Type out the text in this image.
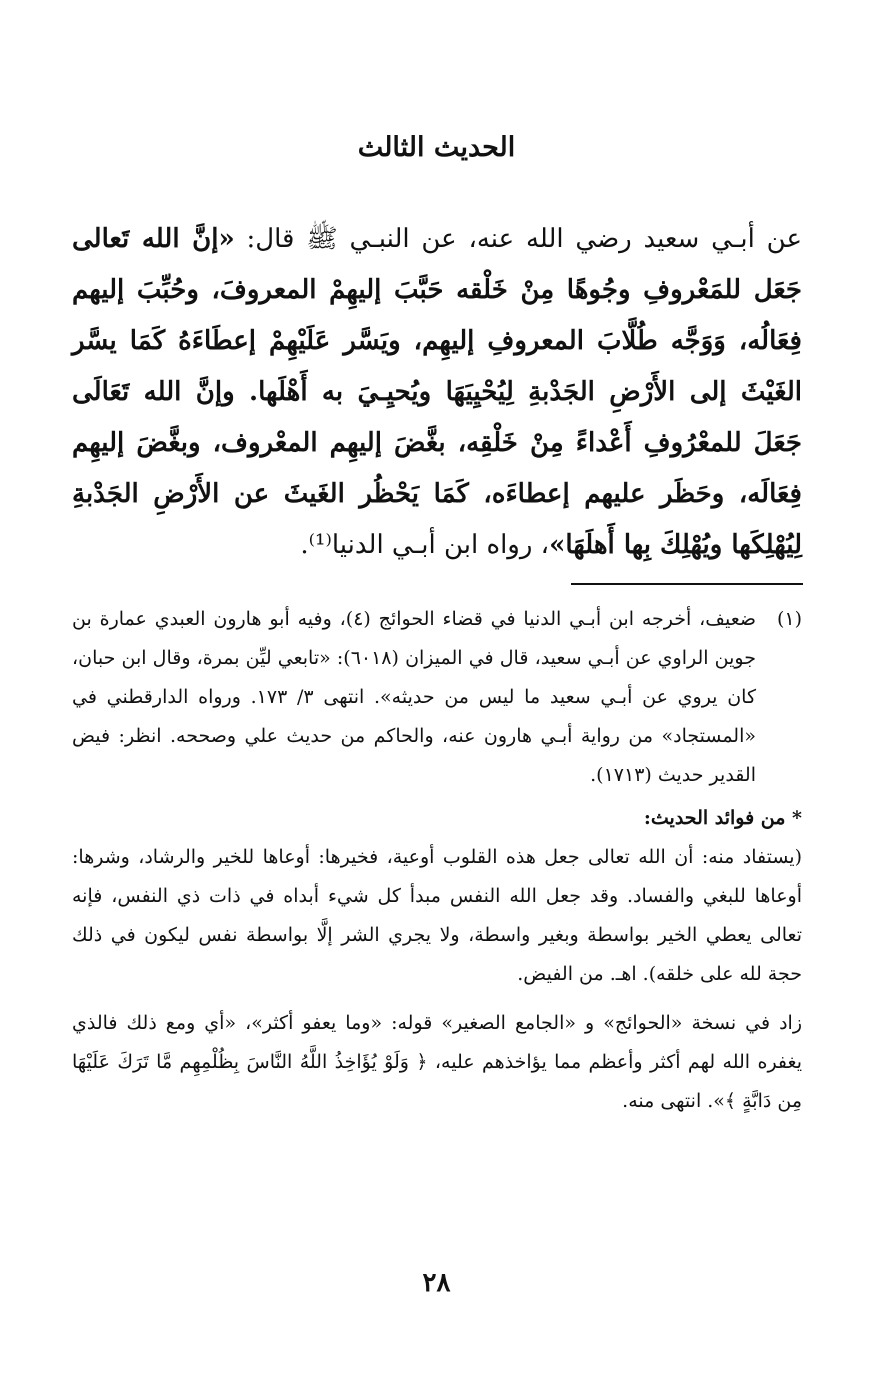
الحديث الثالث

عن أبـي سعيد رضي الله عنه، عن النبـي ﷺ قال: «إنَّ الله تَعالى جَعَل للمَعْروفِ وجُوهًا مِنْ خَلْقه حَبَّبَ إليهِمْ المعروفَ، وحُبِّبَ إليهم فِعَالُه، وَوَجَّه طُلَّابَ المعروفِ إليهِم، ويَسَّر عَلَيْهِمْ إعطَاءَهُ كَمَا يسَّر الغَيْثَ إلى الأَرْضِ الجَدْبةِ لِيُحْيِيَهَا ويُحيِـيَ به أَهْلَها. وإنَّ الله تَعَالَى جَعَلَ للمعْرُوفِ أَعْداءً مِنْ خَلْقِه، بغَّضَ إليهِم المعْروف، وبغَّضَ إليهِم فِعَالَه، وحَظَر عليهم إعطاءَه، كَمَا يَحْظُر الغَيثَ عن الأَرْضِ الجَدْبةِ لِيُهْلِكَها ويُهْلِكَ بِها أَهلَهَا»، رواه ابن أبـي الدنيا⁽¹⁾.

(١)
ضعيف، أخرجه ابن أبـي الدنيا في قضاء الحوائج (٤)، وفيه أبو هارون العبدي عمارة بن جوين الراوي عن أبـي سعيد، قال في الميزان (٦٠١٨): «تابعي ليِّن بمرة، وقال ابن حبان، كان يروي عن أبـي سعيد ما ليس من حديثه». انتهى ٣/ ١٧٣. ورواه الدارقطني في «المستجاد» من رواية أبـي هارون عنه، والحاكم من حديث علي وصححه. انظر: فيض القدير حديث (١٧١٣).

* من فوائد الحديث:

(يستفاد منه: أن الله تعالى جعل هذه القلوب أوعية، فخيرها: أوعاها للخير والرشاد، وشرها: أوعاها للبغي والفساد. وقد جعل الله النفس مبدأ كل شيء أبداه في ذات ذي النفس، فإنه تعالى يعطي الخير بواسطة وبغير واسطة، ولا يجري الشر إلَّا بواسطة نفس ليكون في ذلك حجة لله على خلقه). اهـ. من الفيض.

زاد في نسخة «الحوائج» و «الجامع الصغير» قوله: «وما يعفو أكثر»، «أي ومع ذلك فالذي يغفره الله لهم أكثر وأعظم مما يؤاخذهم عليه، ﴿ وَلَوْ يُؤَاخِذُ اللَّهُ النَّاسَ بِظُلْمِهِم مَّا تَرَكَ عَلَيْهَا مِن دَابَّةٍ ﴾». انتهى منه.

٢٨
